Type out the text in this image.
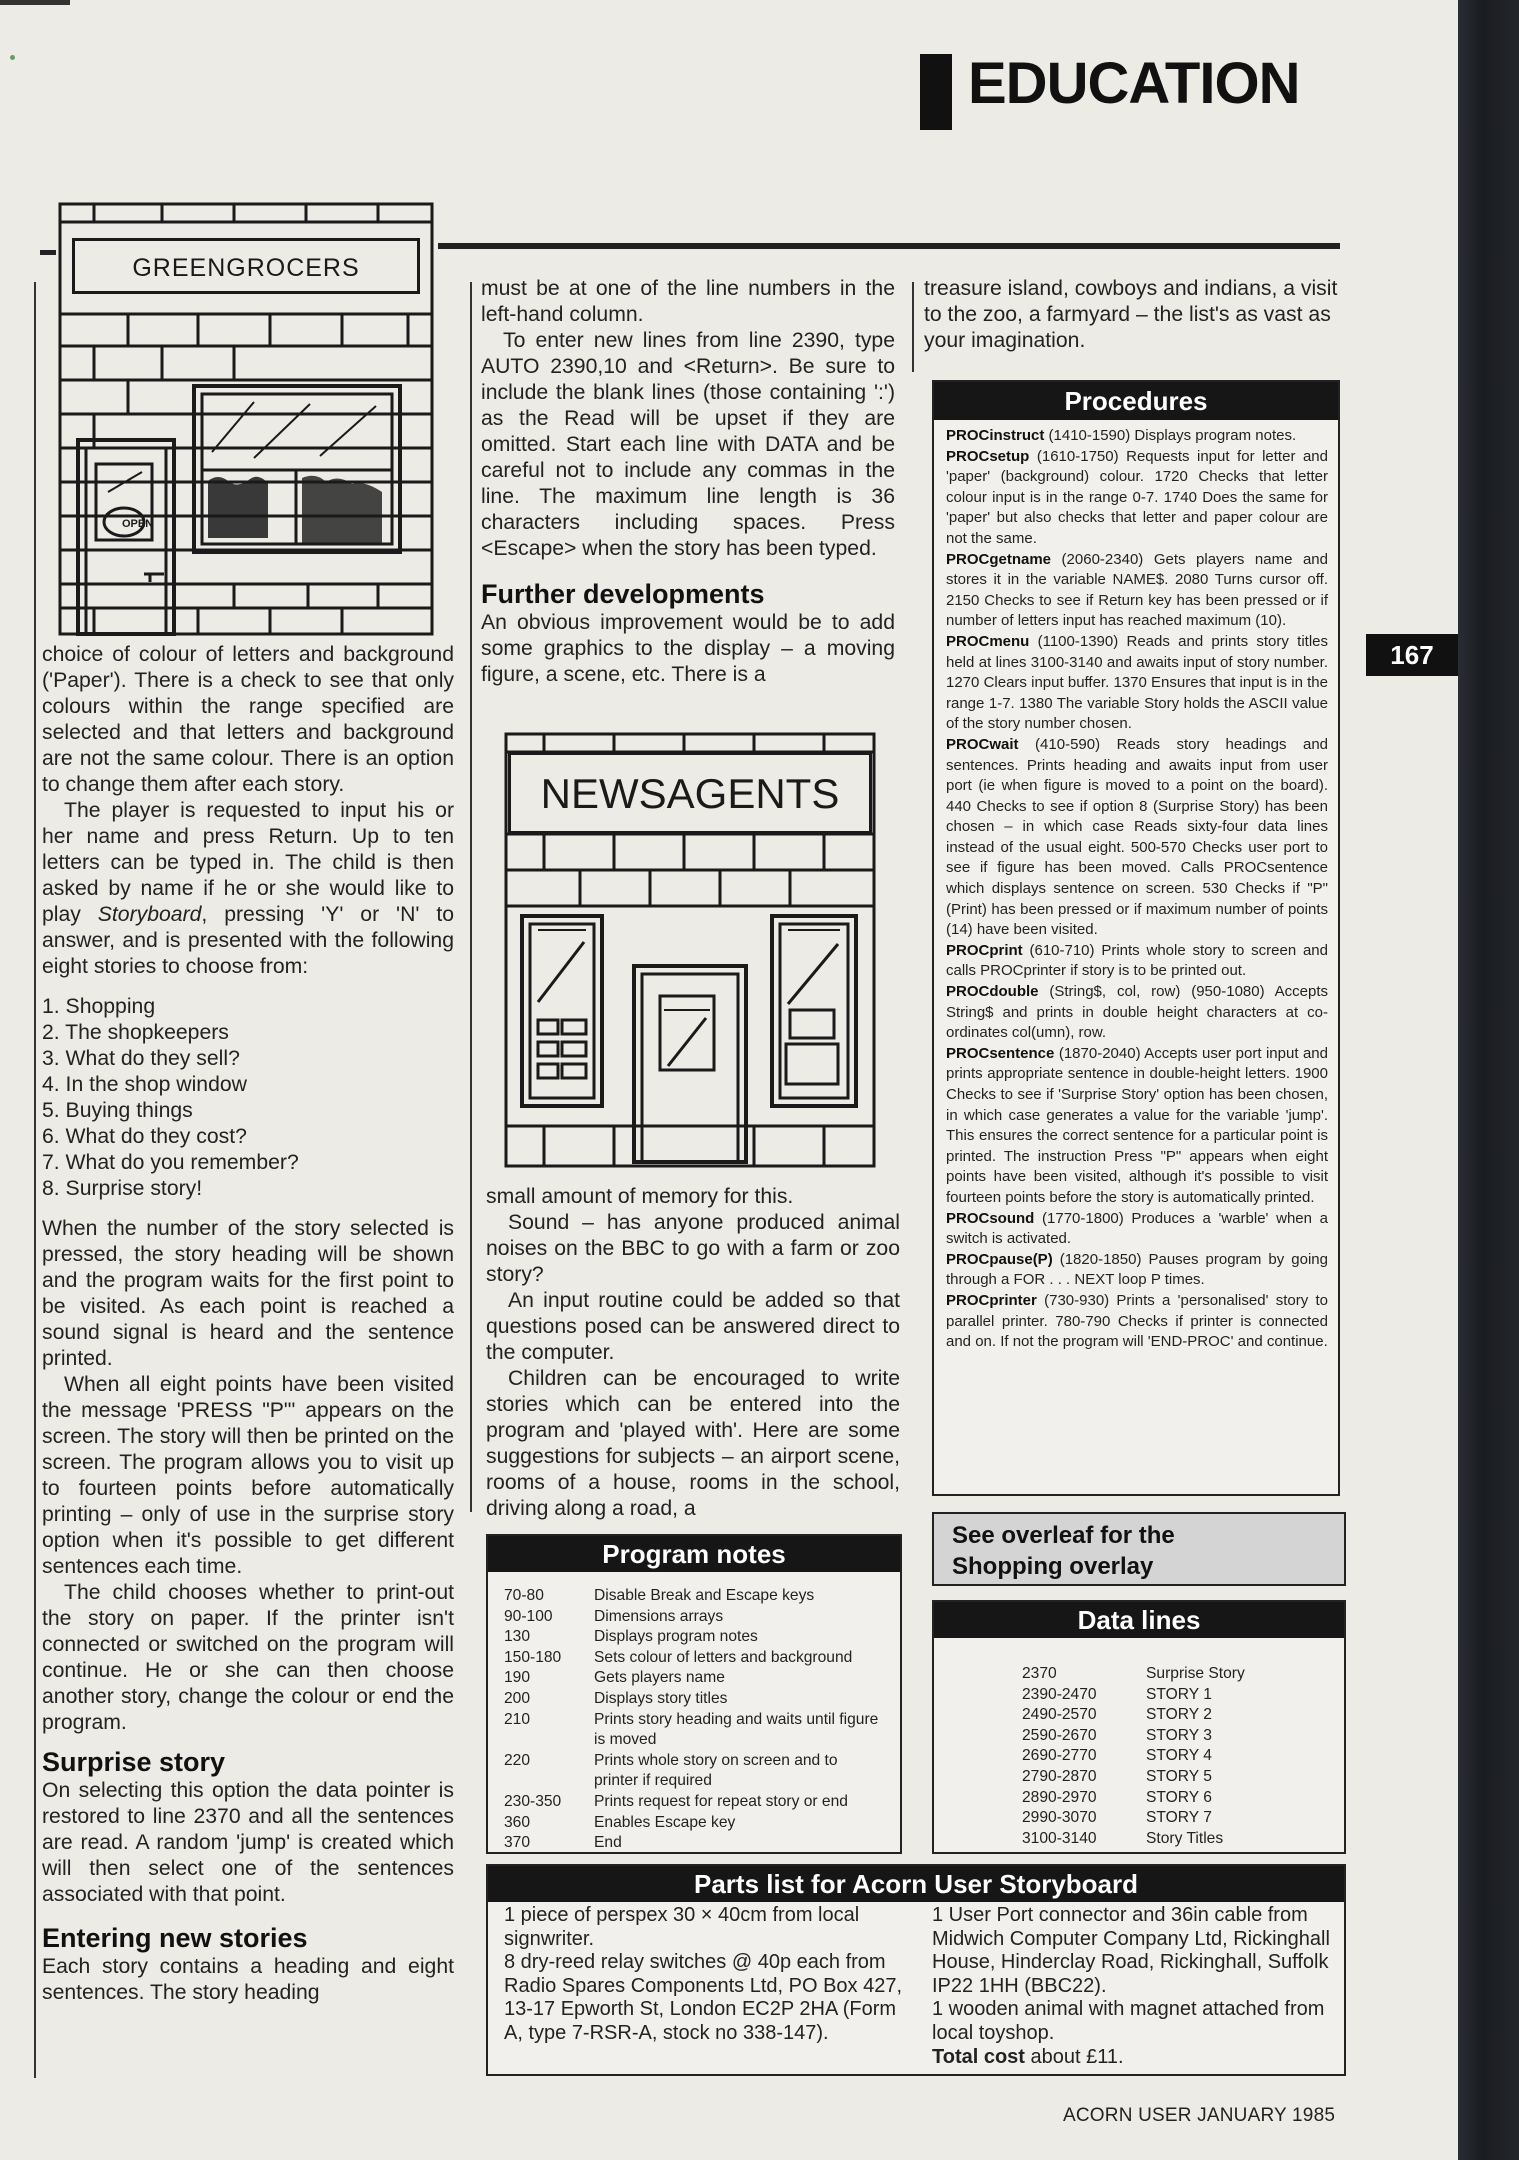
EDUCATION
167
OPEN
GREENGROCERS
NEWSAGENTS

choice of colour of letters and background ('Paper'). There is a check to see that only colours within the range specified are selected and that letters and background are not the same colour. There is an option to change them after each story.

The player is requested to input his or her name and press Return. Up to ten letters can be typed in. The child is then asked by name if he or she would like to play Storyboard, pressing 'Y' or 'N' to answer, and is presented with the following eight stories to choose from:

1. Shopping
2. The shopkeepers
3. What do they sell?
4. In the shop window
5. Buying things
6. What do they cost?
7. What do you remember?
8. Surprise story!

When the number of the story selected is pressed, the story heading will be shown and the program waits for the first point to be visited. As each point is reached a sound signal is heard and the sentence printed.

When all eight points have been visited the message 'PRESS "P"' appears on the screen. The story will then be printed on the screen. The program allows you to visit up to fourteen points before automatically printing – only of use in the surprise story option when it's possible to get different sentences each time.

The child chooses whether to print-out the story on paper. If the printer isn't connected or switched on the program will continue. He or she can then choose another story, change the colour or end the program.

Surprise story

On selecting this option the data pointer is restored to line 2370 and all the sentences are read. A random 'jump' is created which will then select one of the sentences associated with that point.

Entering new stories

Each story contains a heading and eight sentences. The story heading

must be at one of the line numbers in the left-hand column.

To enter new lines from line 2390, type AUTO 2390,10 and <Return>. Be sure to include the blank lines (those containing ':') as the Read will be upset if they are omitted. Start each line with DATA and be careful not to include any commas in the line. The maximum line length is 36 characters including spaces. Press <Escape> when the story has been typed.

Further developments

An obvious improvement would be to add some graphics to the display – a moving figure, a scene, etc. There is a

small amount of memory for this.

Sound – has anyone produced animal noises on the BBC to go with a farm or zoo story?

An input routine could be added so that questions posed can be answered direct to the computer.

Children can be encouraged to write stories which can be entered into the program and 'played with'. Here are some suggestions for subjects – an airport scene, rooms of a house, rooms in the school, driving along a road, a

treasure island, cowboys and indians, a visit to the zoo, a farmyard – the list's as vast as your imagination.

Procedures
PROCinstruct (1410-1590) Displays program notes.
PROCsetup (1610-1750) Requests input for letter and 'paper' (background) colour. 1720 Checks that letter colour input is in the range 0-7. 1740 Does the same for 'paper' but also checks that letter and paper colour are not the same.
PROCgetname (2060-2340) Gets players name and stores it in the variable NAME$. 2080 Turns cursor off. 2150 Checks to see if Return key has been pressed or if number of letters input has reached maximum (10).
PROCmenu (1100-1390) Reads and prints story titles held at lines 3100-3140 and awaits input of story number. 1270 Clears input buffer. 1370 Ensures that input is in the range 1-7. 1380 The variable Story holds the ASCII value of the story number chosen.
PROCwait (410-590) Reads story headings and sentences. Prints heading and awaits input from user port (ie when figure is moved to a point on the board). 440 Checks to see if option 8 (Surprise Story) has been chosen – in which case Reads sixty-four data lines instead of the usual eight. 500-570 Checks user port to see if figure has been moved. Calls PROCsentence which displays sentence on screen. 530 Checks if "P" (Print) has been pressed or if maximum number of points (14) have been visited.
PROCprint (610-710) Prints whole story to screen and calls PROCprinter if story is to be printed out.
PROCdouble (String$, col, row) (950-1080) Accepts String$ and prints in double height characters at co-ordinates col(umn), row.
PROCsentence (1870-2040) Accepts user port input and prints appropriate sentence in double-height letters. 1900 Checks to see if 'Surprise Story' option has been chosen, in which case generates a value for the variable 'jump'. This ensures the correct sentence for a particular point is printed. The instruction Press "P" appears when eight points have been visited, although it's possible to visit fourteen points before the story is automatically printed.
PROCsound (1770-1800) Produces a 'warble' when a switch is activated.
PROCpause(P) (1820-1850) Pauses program by going through a FOR . . . NEXT loop P times.
PROCprinter (730-930) Prints a 'personalised' story to parallel printer. 780-790 Checks if printer is connected and on. If not the program will 'END-PROC' and continue.
Program notes
70-80	Disable Break and Escape keys
90-100	Dimensions arrays
130	Displays program notes
150-180	Sets colour of letters and background
190	Gets players name
200	Displays story titles
210	Prints story heading and waits until figure is moved
220	Prints whole story on screen and to printer if required
230-350	Prints request for repeat story or end
360	Enables Escape key
370	End
See overleaf for the
Shopping overlay
Data lines
2370	Surprise Story
2390-2470	STORY 1
2490-2570	STORY 2
2590-2670	STORY 3
2690-2770	STORY 4
2790-2870	STORY 5
2890-2970	STORY 6
2990-3070	STORY 7
3100-3140	Story Titles
Parts list for Acorn User Storyboard

1 piece of perspex 30 × 40cm from local signwriter.

8 dry-reed relay switches @ 40p each from Radio Spares Components Ltd, PO Box 427, 13-17 Epworth St, London EC2P 2HA (Form A, type 7-RSR-A, stock no 338-147).

1 User Port connector and 36in cable from Midwich Computer Company Ltd, Rickinghall House, Hinderclay Road, Rickinghall, Suffolk IP22 1HH (BBC22).

1 wooden animal with magnet attached from local toyshop.

Total cost about £11.

ACORN USER JANUARY 1985
